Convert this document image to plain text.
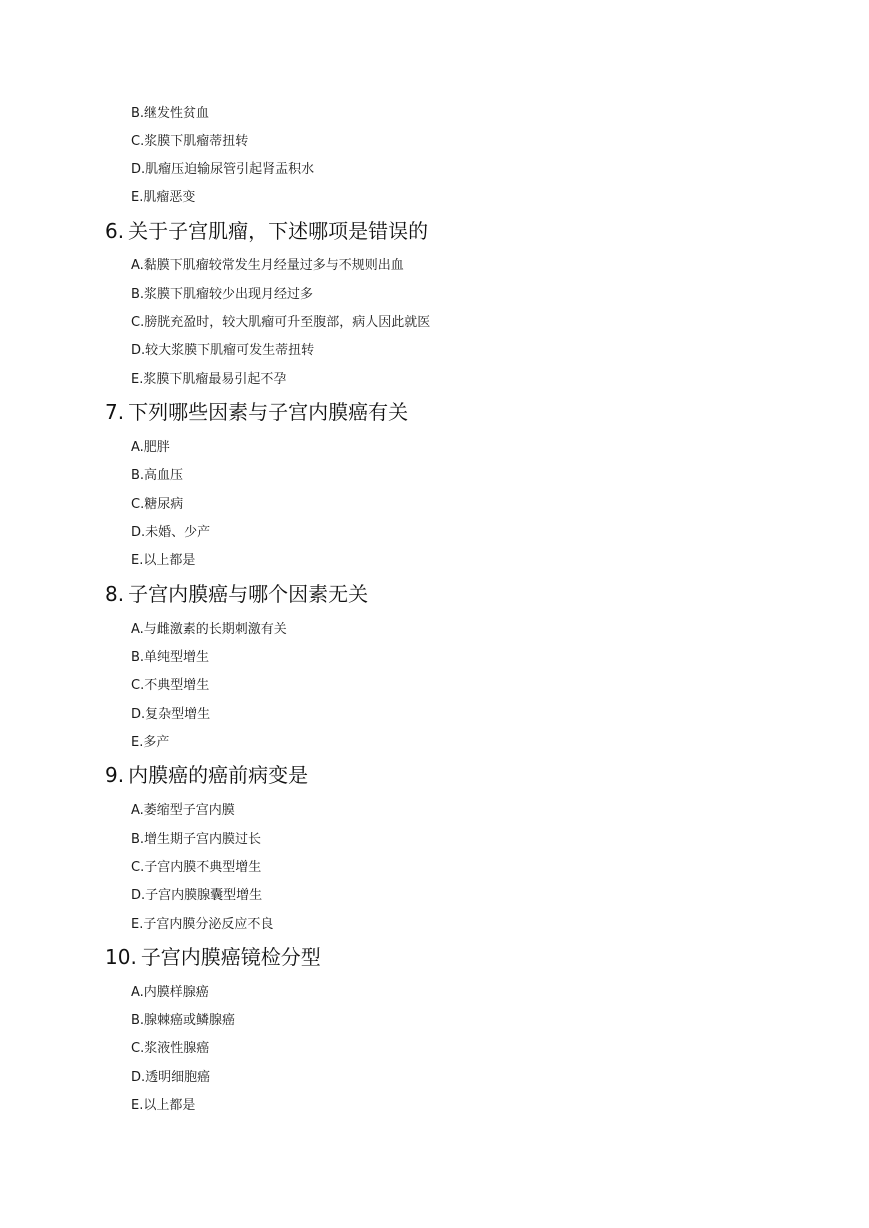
B.继发性贫血
C.浆膜下肌瘤蒂扭转
D.肌瘤压迫输尿管引起肾盂积水
E.肌瘤恶变
6. 关于子宫肌瘤，下述哪项是错误的
A.黏膜下肌瘤较常发生月经量过多与不规则出血
B.浆膜下肌瘤较少出现月经过多
C.膀胱充盈时，较大肌瘤可升至腹部，病人因此就医
D.较大浆膜下肌瘤可发生蒂扭转
E.浆膜下肌瘤最易引起不孕
7. 下列哪些因素与子宫内膜癌有关
A.肥胖
B.高血压
C.糖尿病
D.未婚、少产
E.以上都是
8. 子宫内膜癌与哪个因素无关
A.与雌激素的长期刺激有关
B.单纯型增生
C.不典型增生
D.复杂型增生
E.多产
9. 内膜癌的癌前病变是
A.萎缩型子宫内膜
B.增生期子宫内膜过长
C.子宫内膜不典型增生
D.子宫内膜腺囊型增生
E.子宫内膜分泌反应不良
10. 子宫内膜癌镜检分型
A.内膜样腺癌
B.腺棘癌或鳞腺癌
C.浆液性腺癌
D.透明细胞癌
E.以上都是
